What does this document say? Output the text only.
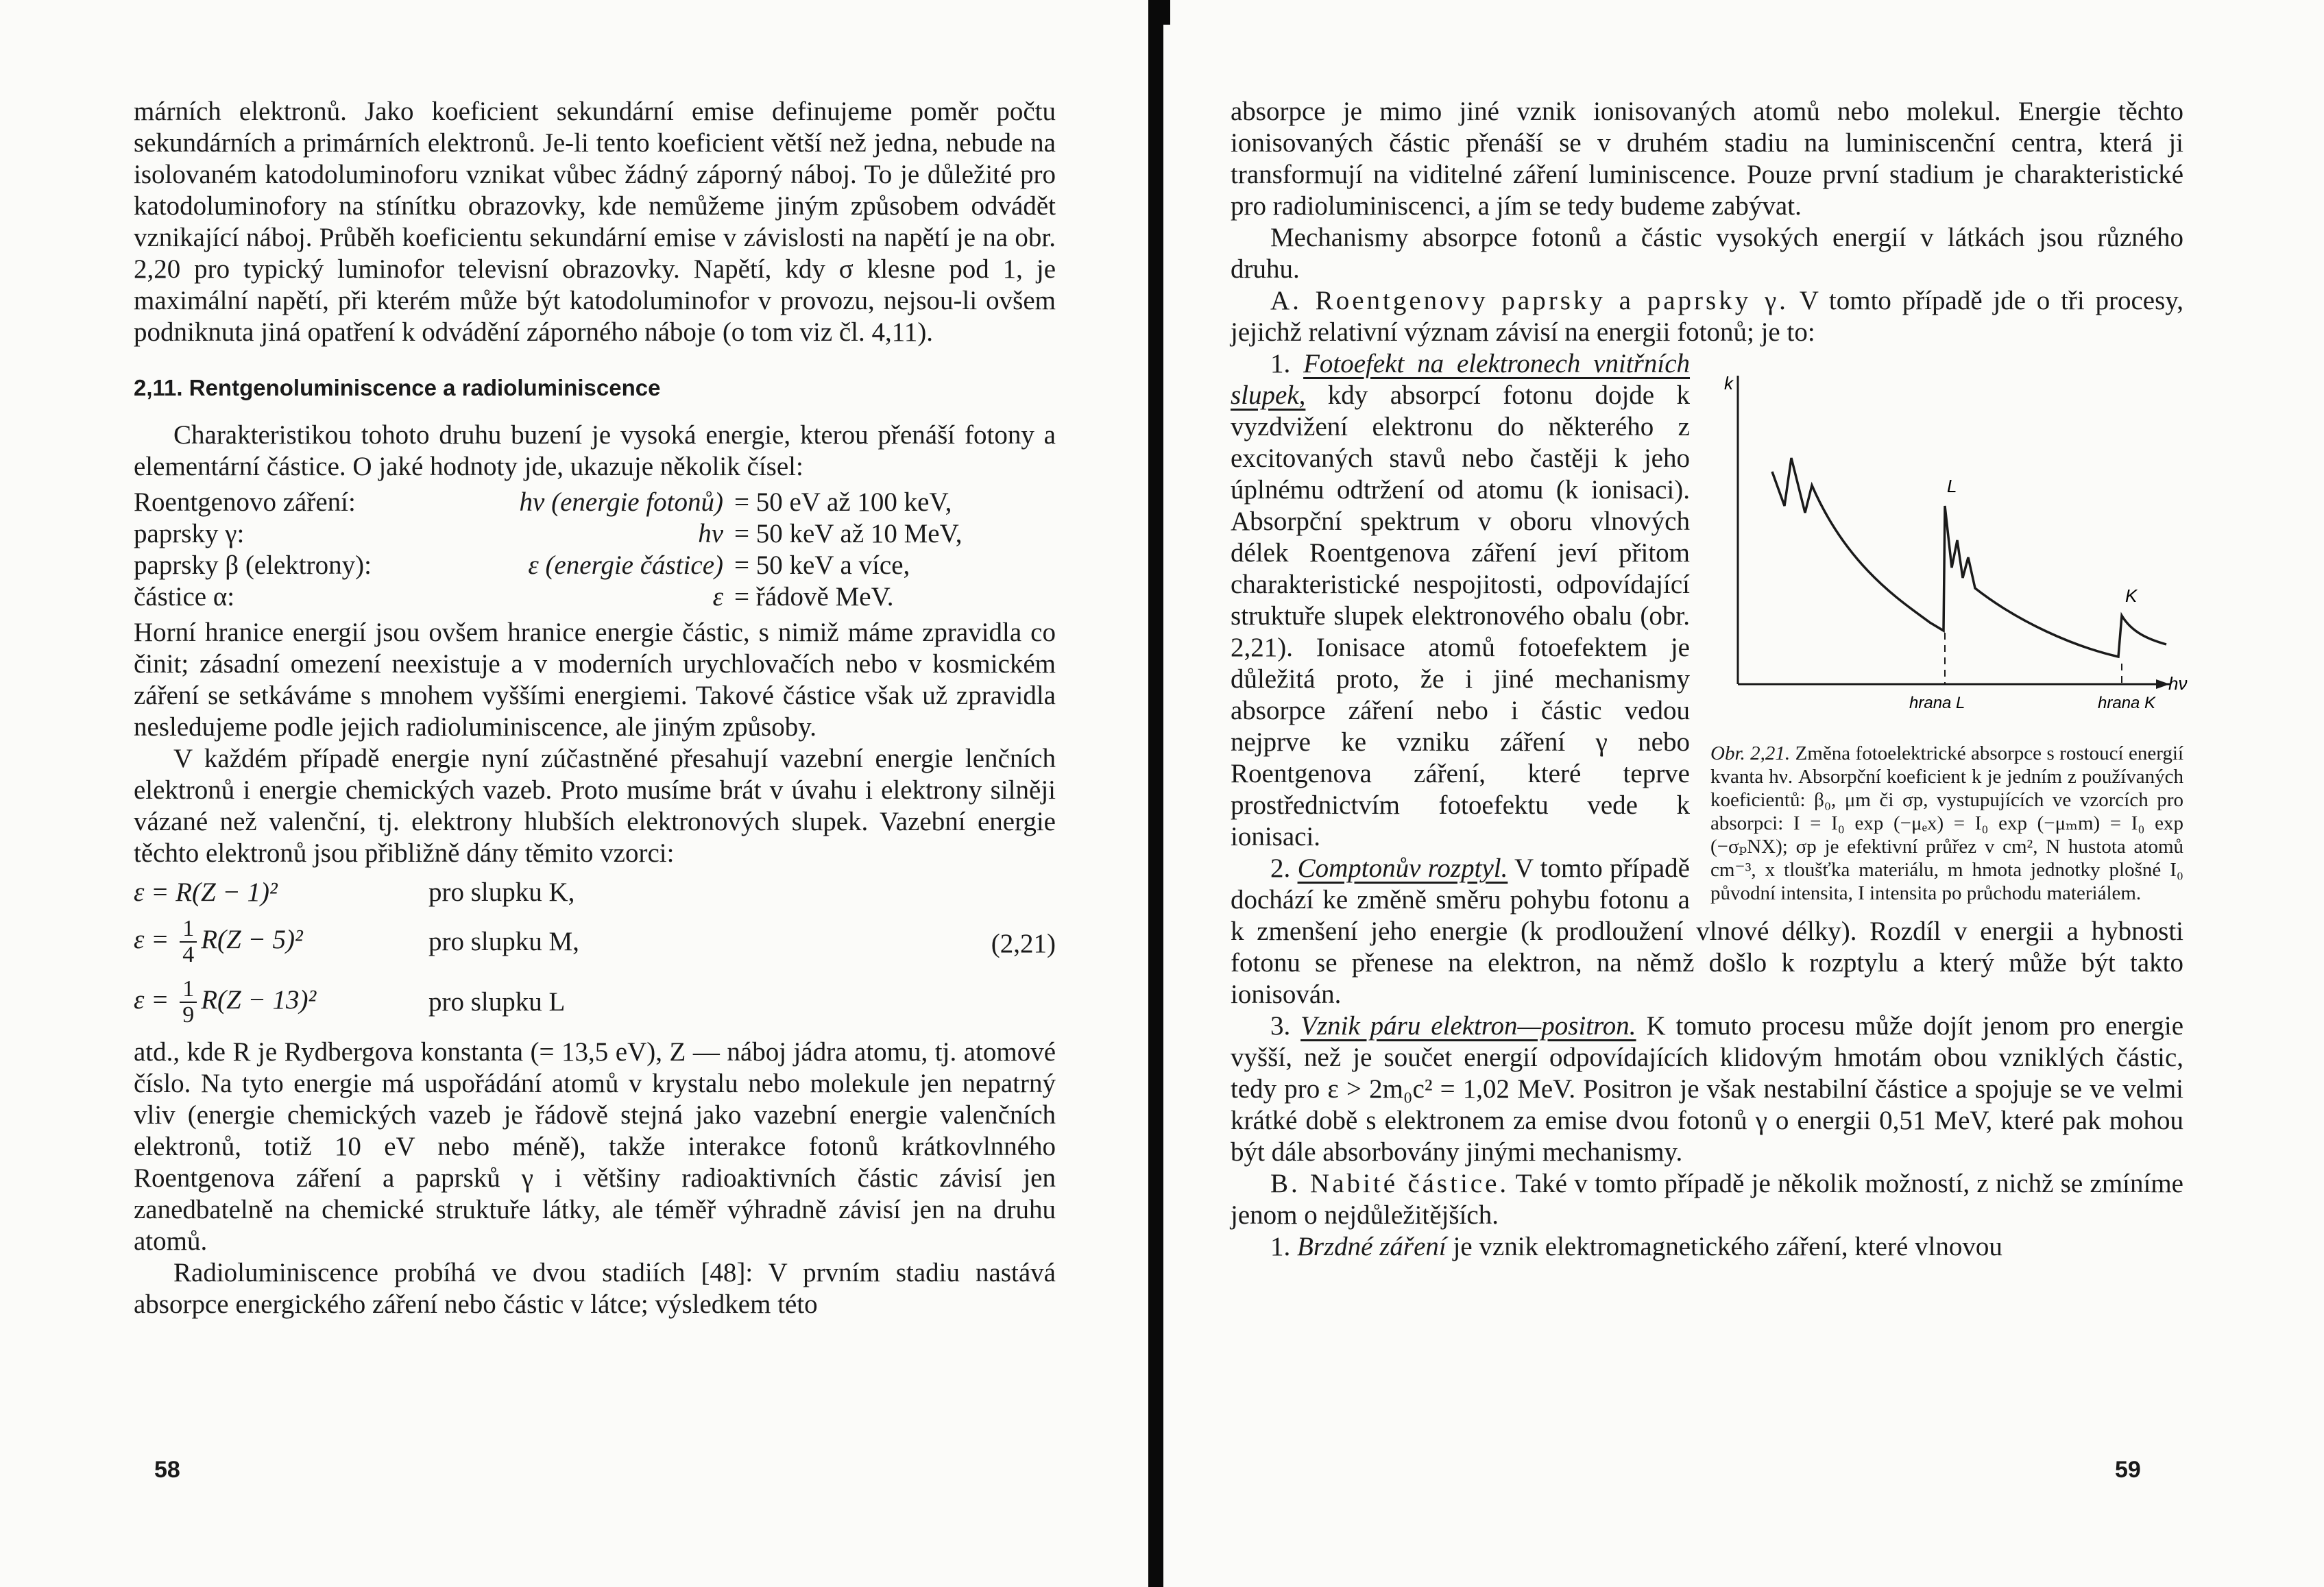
márních elektronů. Jako koeficient sekundární emise definujeme poměr počtu sekundárních a primárních elektronů. Je-li tento koeficient větší než jedna, nebude na isolovaném katodoluminoforu vznikat vůbec žádný záporný náboj. To je důležité pro katodoluminofory na stínítku obrazovky, kde nemůžeme jiným způsobem odvádět vznikající náboj. Průběh koeficientu sekundární emise v závislosti na napětí je na obr. 2,20 pro typický luminofor televisní obrazovky. Napětí, kdy σ klesne pod 1, je maximální napětí, při kterém může být katodoluminofor v provozu, nejsou-li ovšem podniknuta jiná opatření k odvádění záporného náboje (o tom viz čl. 4,11).

2,11. Rentgenoluminiscence a radioluminiscence

Charakteristikou tohoto druhu buzení je vysoká energie, kterou přenáší fotony a elementární částice. O jaké hodnoty jde, ukazuje několik čísel:

Roentgenovo záření:	hν (energie fotonů) = 50 eV až 100 keV,
paprsky γ:	hν = 50 keV až 10 MeV,
paprsky β (elektrony):	ε (energie částice) = 50 keV a více,
částice α:	ε = řádově MeV.

Horní hranice energií jsou ovšem hranice energie částic, s nimiž máme zpravidla co činit; zásadní omezení neexistuje a v moderních urychlovačích nebo v kosmickém záření se setkáváme s mnohem vyššími energiemi. Takové částice však už zpravidla nesledujeme podle jejich radioluminiscence, ale jiným způsoby.

V každém případě energie nyní zúčastněné přesahují vazební energie lenčních elektronů i energie chemických vazeb. Proto musíme brát v úvahu i elektrony silněji vázané než valenční, tj. elektrony hlubších elektronových slupek. Vazební energie těchto elektronů jsou přibližně dány těmito vzorci:

ε = R(Z − 1)²	pro slupku K,
$\varepsilon = \frac{1}{4} R(Z - 5)^2$	pro slupku M,
$\varepsilon = \frac{1}{9} R(Z - 13)^2$	pro slupku L
(2,21)

atd., kde R je Rydbergova konstanta (= 13,5 eV), Z — náboj jádra atomu, tj. atomové číslo. Na tyto energie má uspořádání atomů v krystalu nebo molekule jen nepatrný vliv (energie chemických vazeb je řádově stejná jako vazební energie valenčních elektronů, totiž 10 eV nebo méně), takže interakce fotonů krátkovlnného Roentgenova záření a paprsků γ i většiny radioaktivních částic závisí jen zanedbatelně na chemické struktuře látky, ale téměř výhradně závisí jen na druhu atomů.

Radioluminiscence probíhá ve dvou stadiích [48]: V prvním stadiu nastává absorpce energického záření nebo částic v látce; výsledkem této

58

absorpce je mimo jiné vznik ionisovaných atomů nebo molekul. Energie těchto ionisovaných částic přenáší se v druhém stadiu na luminiscenční centra, která ji transformují na viditelné záření luminiscence. Pouze první stadium je charakteristické pro radioluminiscenci, a jím se tedy budeme zabývat.

Mechanismy absorpce fotonů a částic vysokých energií v látkách jsou různého druhu.

A. Roentgenovy paprsky a paprsky γ. V tomto případě jde o tři procesy, jejichž relativní význam závisí na energii fotonů; je to:

k
hν
L
K
hrana L	hrana K
Obr. 2,21. Změna fotoelektrické absorpce s rostoucí energií kvanta hν. Absorpční koeficient k je jedním z používaných koeficientů: β₀, μm či σp, vystupujících ve vzorcích pro absorpci: I = I₀ exp (−μₑx) = I₀ exp (−μₘm) = I₀ exp (−σₚNX); σp je efektivní průřez v cm², N hustota atomů cm⁻³, x tloušťka materiálu, m hmota jednotky plošné I₀ původní intensita, I intensita po průchodu materiálem.

1. Fotoefekt na elektronech vnitřních slupek, kdy absorpcí fotonu dojde k vyzdvižení elektronu do některého z excitovaných stavů nebo častěji k jeho úplnému odtržení od atomu (k ionisaci). Absorpční spektrum v oboru vlnových délek Roentgenova záření jeví přitom charakteristické nespojitosti, odpovídající struktuře slupek elektronového obalu (obr. 2,21). Ionisace atomů fotoefektem je důležitá proto, že i jiné mechanismy absorpce záření nebo i částic vedou nejprve ke vzniku záření γ nebo Roentgenova záření, které teprve prostřednictvím fotoefektu vede k ionisaci.

2. Comptonův rozptyl. V tomto případě dochází ke změně směru pohybu fotonu a k zmenšení jeho energie (k prodloužení vlnové délky). Rozdíl v energii a hybnosti fotonu se přenese na elektron, na němž došlo k rozptylu a který může být takto ionisován.

3. Vznik páru elektron—positron. K tomuto procesu může dojít jenom pro energie vyšší, než je součet energií odpovídajících klidovým hmotám obou vzniklých částic, tedy pro ε > 2m₀c² = 1,02 MeV. Positron je však nestabilní částice a spojuje se ve velmi krátké době s elektronem za emise dvou fotonů γ o energii 0,51 MeV, které pak mohou být dále absorbovány jinými mechanismy.

B. Nabité částice. Také v tomto případě je několik možností, z nichž se zmíníme jenom o nejdůležitějších.

1. Brzdné záření je vznik elektromagnetického záření, které vlnovou

59
